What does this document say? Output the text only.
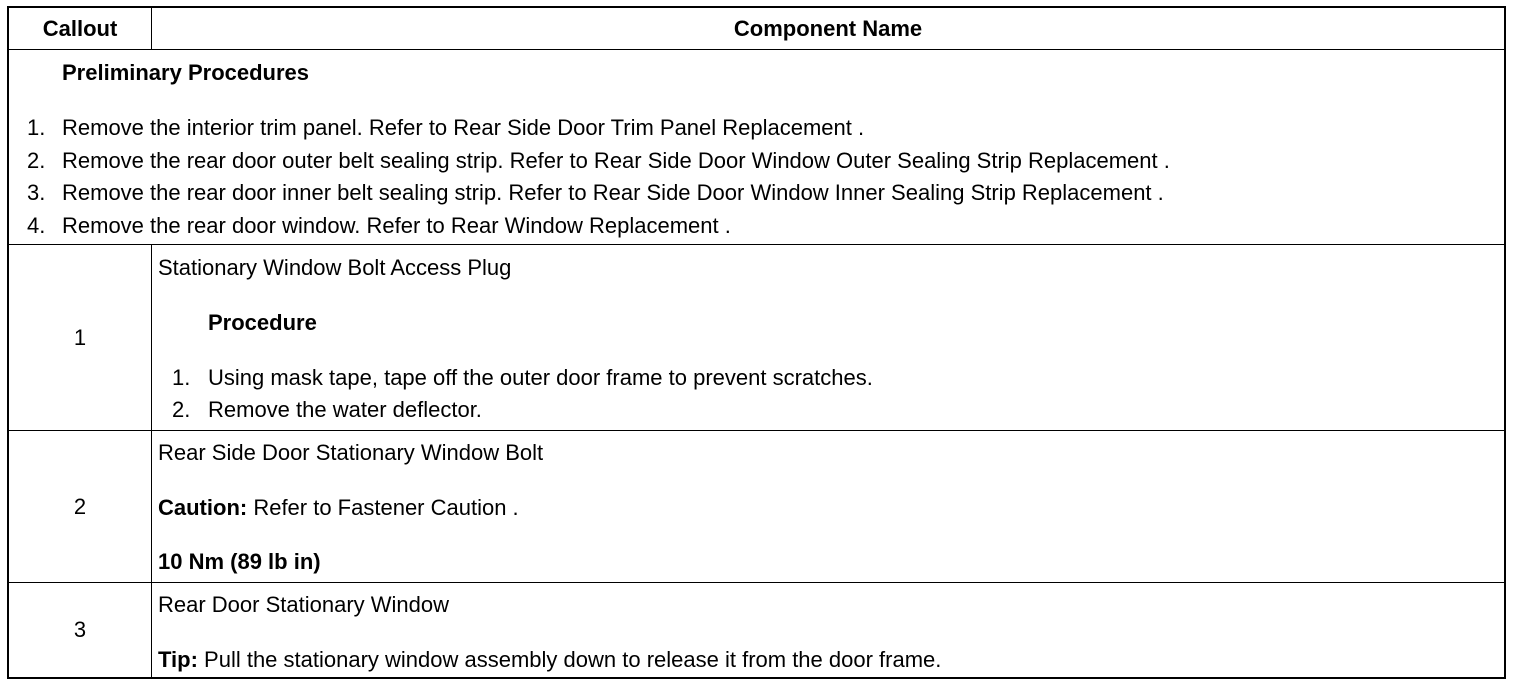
Callout	Component Name
Preliminary Procedures
1. Remove the interior trim panel. Refer to Rear Side Door Trim Panel Replacement .
2. Remove the rear door outer belt sealing strip. Refer to Rear Side Door Window Outer Sealing Strip Replacement .
3. Remove the rear door inner belt sealing strip. Refer to Rear Side Door Window Inner Sealing Strip Replacement .
4. Remove the rear door window. Refer to Rear Window Replacement .
1
Stationary Window Bolt Access Plug
Procedure
1. Using mask tape, tape off the outer door frame to prevent scratches.
2. Remove the water deflector.
2
Rear Side Door Stationary Window Bolt
Caution: Refer to Fastener Caution .
10 Nm (89 lb in)
3
Rear Door Stationary Window
Tip: Pull the stationary window assembly down to release it from the door frame.
